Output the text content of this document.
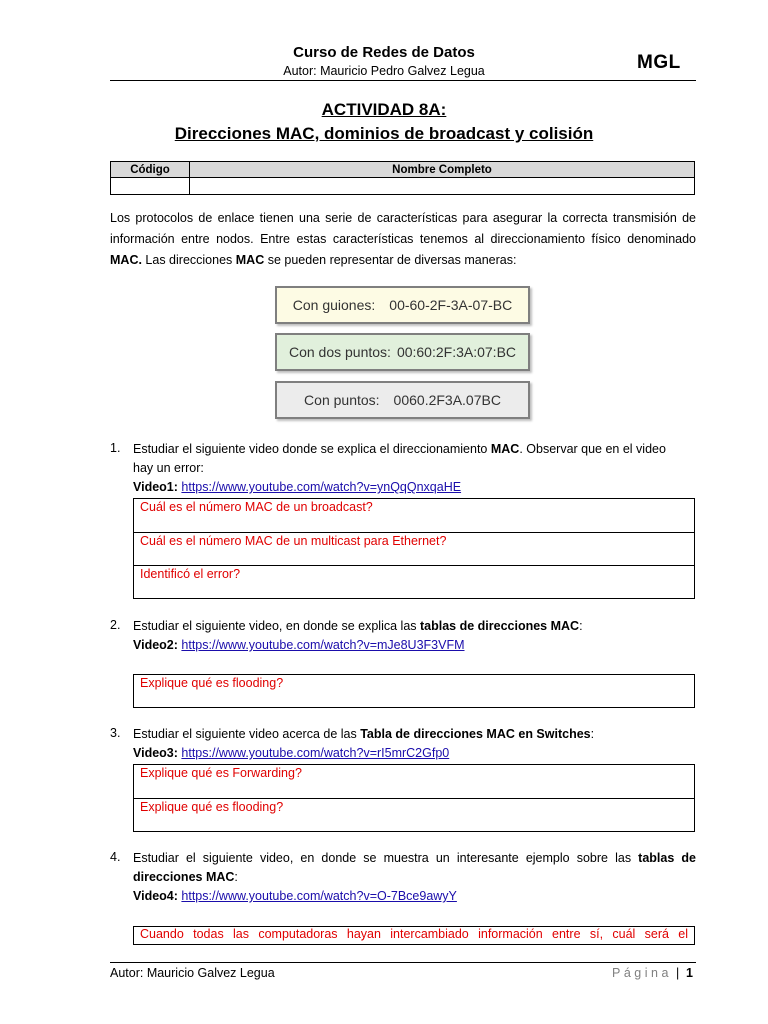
Curso de Redes de Datos
Autor: Mauricio Pedro Galvez Legua	MGL
ACTIVIDAD 8A:
Direcciones MAC, dominios de broadcast y colisión
Código	Nombre Completo

Los protocolos de enlace tienen una serie de características para asegurar la correcta transmisión de información entre nodos. Entre estas características tenemos al direccionamiento físico denominado MAC. Las direcciones MAC se pueden representar de diversas maneras:
Con guiones: 00-60-2F-3A-07-BC
Con dos puntos: 00:60:2F:3A:07:BC
Con puntos: 0060.2F3A.07BC
1. Estudiar el siguiente video donde se explica el direccionamiento MAC. Observar que en el video
hay un error:
Video1: https://www.youtube.com/watch?v=ynQqQnxqaHE
Cuál es el número MAC de un broadcast?
Cuál es el número MAC de un multicast para Ethernet?
Identificó el error?
2. Estudiar el siguiente video, en donde se explica las tablas de direcciones MAC:
Video2: https://www.youtube.com/watch?v=mJe8U3F3VFM
Explique qué es flooding?
3. Estudiar el siguiente video acerca de las Tabla de direcciones MAC en Switches:
Video3: https://www.youtube.com/watch?v=rI5mrC2Gfp0
Explique qué es Forwarding?
Explique qué es flooding?
4. Estudiar el siguiente video, en donde se muestra un interesante ejemplo sobre las tablas de
direcciones MAC:
Video4: https://www.youtube.com/watch?v=O-7Bce9awyY
Cuando todas las computadoras hayan intercambiado información entre sí, cuál será el
Autor: Mauricio Galvez Legua	Página | 1
